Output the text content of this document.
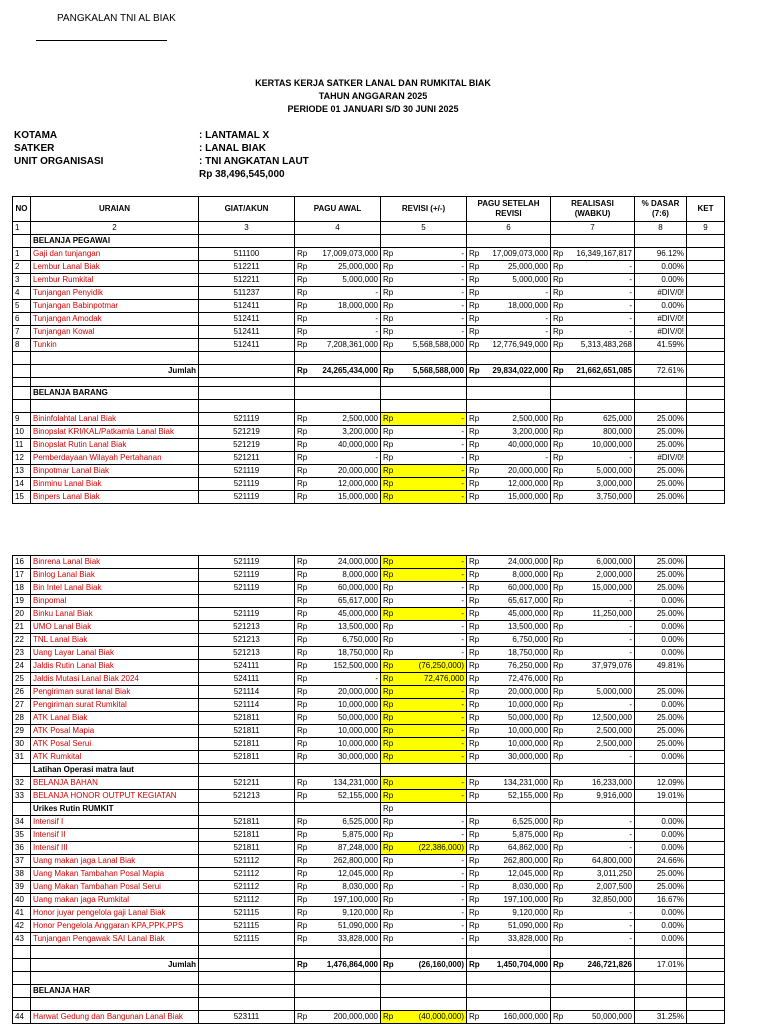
PANGKALAN TNI AL BIAK
KERTAS KERJA SATKER LANAL DAN RUMKITAL BIAK
TAHUN ANGGARAN 2025
PERIODE 01 JANUARI S/D 30 JUNI 2025
KOTAMA	: LANTAMAL X
SATKER	: LANAL BIAK
UNIT ORGANISASI	: TNI ANGKATAN LAUT
Rp 38,496,545,000
NO	URAIAN	GIAT/AKUN	PAGU AWAL	REVISI (+/-)	PAGU SETELAH REVISI	REALISASI (WABKU)	% DASAR (7:6)	KET
1	2	3	4	5	6	7	8	9
	BELANJA PEGAWAI							
1	Gaji dan tunjangan	511100	Rp 17,009,073,000	Rp -	Rp 17,009,073,000	Rp 16,349,167,817	96.12%	
2	Lembur Lanal Biak	512211	Rp 25,000,000	Rp -	Rp 25,000,000	Rp -	0.00%	
3	Lembur Rumkital	512211	Rp 5,000,000	Rp -	Rp 5,000,000	Rp -	0.00%	
4	Tunjangan Penyidik	511237	Rp -	Rp -	Rp -	Rp -	#DIV/0!	
5	Tunjangan Babinpotmar	512411	Rp 18,000,000	Rp -	Rp 18,000,000	Rp -	0.00%	
6	Tunjangan Amodak	512411	Rp -	Rp -	Rp -	Rp -	#DIV/0!	
7	Tunjangan Kowal	512411	Rp -	Rp -	Rp -	Rp -	#DIV/0!	
8	Tunkin	512411	Rp 7,208,361,000	Rp 5,568,588,000	Rp 12,776,949,000	Rp 5,313,483,268	41.59%	

	Jumlah		Rp 24,265,434,000	Rp 5,568,588,000	Rp 29,834,022,000	Rp 21,662,651,085	72.61%	

	BELANJA BARANG							

9	Bininfolahtal Lanal Biak	521119	Rp 2,500,000	Rp -	Rp 2,500,000	Rp 625,000	25.00%	
10	Binopslat KRI/KAL/Patkamla Lanal Biak	521219	Rp 3,200,000	Rp -	Rp 3,200,000	Rp 800,000	25.00%	
11	Binopslat Rutin Lanal Biak	521219	Rp 40,000,000	Rp -	Rp 40,000,000	Rp 10,000,000	25.00%	
12	Pemberdayaan Wilayah Pertahanan	521211	Rp -	Rp -	Rp -	Rp -	#DIV/0!	
13	Binpotmar Lanal Biak	521119	Rp 20,000,000	Rp -	Rp 20,000,000	Rp 5,000,000	25.00%	
14	Binminu Lanal Biak	521119	Rp 12,000,000	Rp -	Rp 12,000,000	Rp 3,000,000	25.00%	
15	Binpers Lanal Biak	521119	Rp 15,000,000	Rp -	Rp 15,000,000	Rp 3,750,000	25.00%	
16	Binrena Lanal Biak	521119	Rp 24,000,000	Rp -	Rp 24,000,000	Rp 6,000,000	25.00%	
17	Binlog Lanal Biak	521119	Rp 8,000,000	Rp -	Rp 8,000,000	Rp 2,000,000	25.00%	
18	Bin Intel Lanal Biak	521119	Rp 60,000,000	Rp -	Rp 60,000,000	Rp 15,000,000	25.00%	
19	Binpomal		Rp 65,617,000	Rp -	Rp 65,617,000	Rp -	0.00%	
20	Binku Lanal Biak	521119	Rp 45,000,000	Rp -	Rp 45,000,000	Rp 11,250,000	25.00%	
21	UMO Lanal Biak	521213	Rp 13,500,000	Rp -	Rp 13,500,000	Rp -	0.00%	
22	TNL Lanal Biak	521213	Rp 6,750,000	Rp -	Rp 6,750,000	Rp -	0.00%	
23	Uang Layar Lanal Biak	521213	Rp 18,750,000	Rp -	Rp 18,750,000	Rp -	0.00%	
24	Jaldis Rutin Lanal Biak	524111	Rp 152,500,000	Rp (76,250,000)	Rp 76,250,000	Rp 37,979,076	49.81%	
25	Jaldis Mutasi Lanal Biak 2024	524111	Rp -	Rp 72,476,000	Rp 72,476,000	Rp		

26	Pengiriman surat lanal Biak	521114	Rp 20,000,000	Rp -	Rp 20,000,000	Rp 5,000,000	25.00%	
27	Pengiriman surat Rumkital	521114	Rp 10,000,000	Rp -	Rp 10,000,000	Rp -	0.00%	
28	ATK Lanal Biak	521811	Rp 50,000,000	Rp -	Rp 50,000,000	Rp 12,500,000	25.00%	
29	ATK Posal Mapia	521811	Rp 10,000,000	Rp -	Rp 10,000,000	Rp 2,500,000	25.00%	
30	ATK Posal Serui	521811	Rp 10,000,000	Rp -	Rp 10,000,000	Rp 2,500,000	25.00%	
31	ATK Rumkital	521811	Rp 30,000,000	Rp -	Rp 30,000,000	Rp -	0.00%	
	Latihan Operasi matra laut							
32	BELANJA BAHAN	521211	Rp 134,231,000	Rp -	Rp 134,231,000	Rp 16,233,000	12.09%	
33	BELANJA HONOR OUTPUT KEGIATAN	521213	Rp 52,155,000	Rp -	Rp 52,155,000	Rp 9,916,000	19.01%	
	Urikes Rutin RUMKIT			Rp				
34	Intensif I	521811	Rp 6,525,000	Rp -	Rp 6,525,000	Rp -	0.00%	
35	Intensif II	521811	Rp 5,875,000	Rp -	Rp 5,875,000	Rp -	0.00%	
36	Intensif III	521811	Rp 87,248,000	Rp (22,386,000)	Rp 64,862,000	Rp -	0.00%	
37	Uang makan jaga Lanal Biak	521112	Rp 262,800,000	Rp -	Rp 262,800,000	Rp 64,800,000	24.66%	
38	Uang Makan Tambahan Posal Mapia	521112	Rp 12,045,000	Rp -	Rp 12,045,000	Rp 3,011,250	25.00%	
39	Uang Makan Tambahan Posal Serui	521112	Rp 8,030,000	Rp -	Rp 8,030,000	Rp 2,007,500	25.00%	
40	Uang makan jaga Rumkital	521112	Rp 197,100,000	Rp -	Rp 197,100,000	Rp 32,850,000	16.67%	
41	Honor juyar pengelola gaji Lanal Biak	521115	Rp 9,120,000	Rp -	Rp 9,120,000	Rp -	0.00%	
42	Honor Pengelola Anggaran KPA,PPK,PPS	521115	Rp 51,090,000	Rp -	Rp 51,090,000	Rp -	0.00%	
43	Tunjangan Pengawak SAI Lanal Biak	521115	Rp 33,828,000	Rp -	Rp 33,828,000	Rp -	0.00%	

	Jumlah		Rp 1,476,864,000	Rp (26,160,000)	Rp 1,450,704,000	Rp 246,721,826	17.01%	

	BELANJA HAR							

44	Harwat Gedung dan Bangunan Lanal Biak	523111	Rp 200,000,000	Rp (40,000,000)	Rp 160,000,000	Rp 50,000,000	31.25%	
